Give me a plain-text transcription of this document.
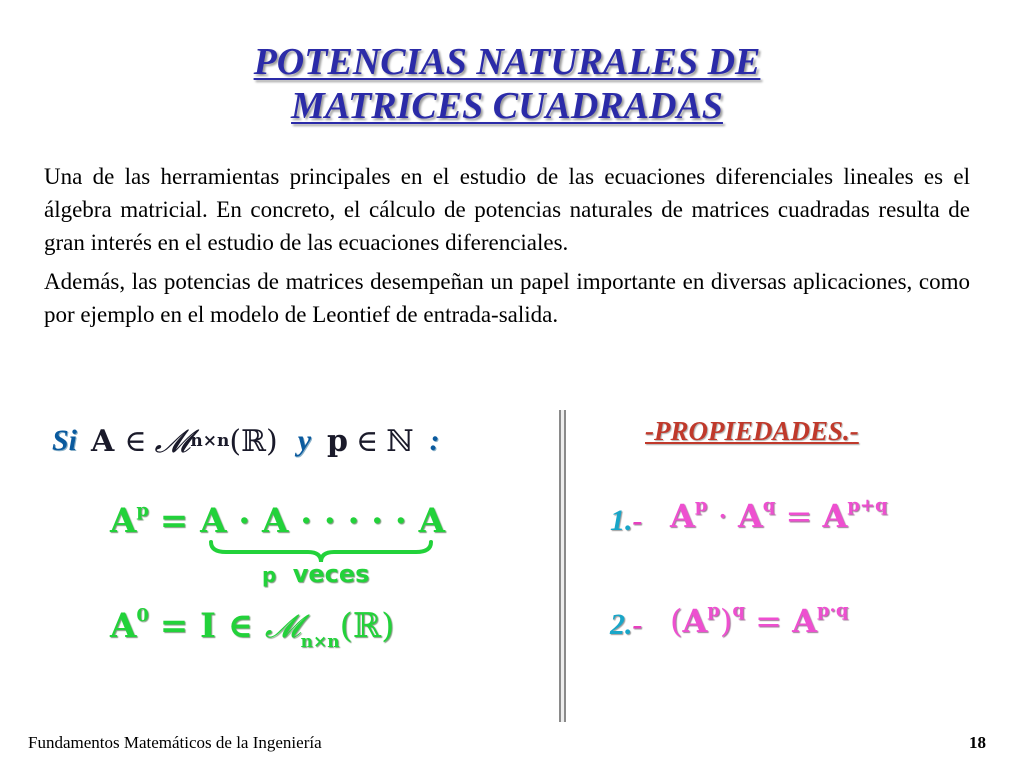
POTENCIAS NATURALES DE
MATRICES CUADRADAS

Una de las herramientas principales en el estudio de las ecuaciones diferenciales lineales es el álgebra matricial. En concreto, el cálculo de potencias naturales de matrices cuadradas resulta de gran interés en el estudio de las ecuaciones diferenciales.

Además, las potencias de matrices desempeñan un papel importante en diversas aplicaciones, como por ejemplo en el modelo de Leontief de entrada-salida.

Si A ∈ 𝓜 n×n (ℝ) y p ∈ ℕ :
$A^p = A \cdot A$ · · · · · A
p veces
$A^0 = I$ ∈ 𝓜$_{n\times n}$(ℝ)
-PROPIEDADES.-
1.- $A^p \cdot A^q = A^{p+q}$
2.- $(A^p)^q = A^{p\cdot q}$
Fundamentos Matemáticos de la Ingeniería	18
